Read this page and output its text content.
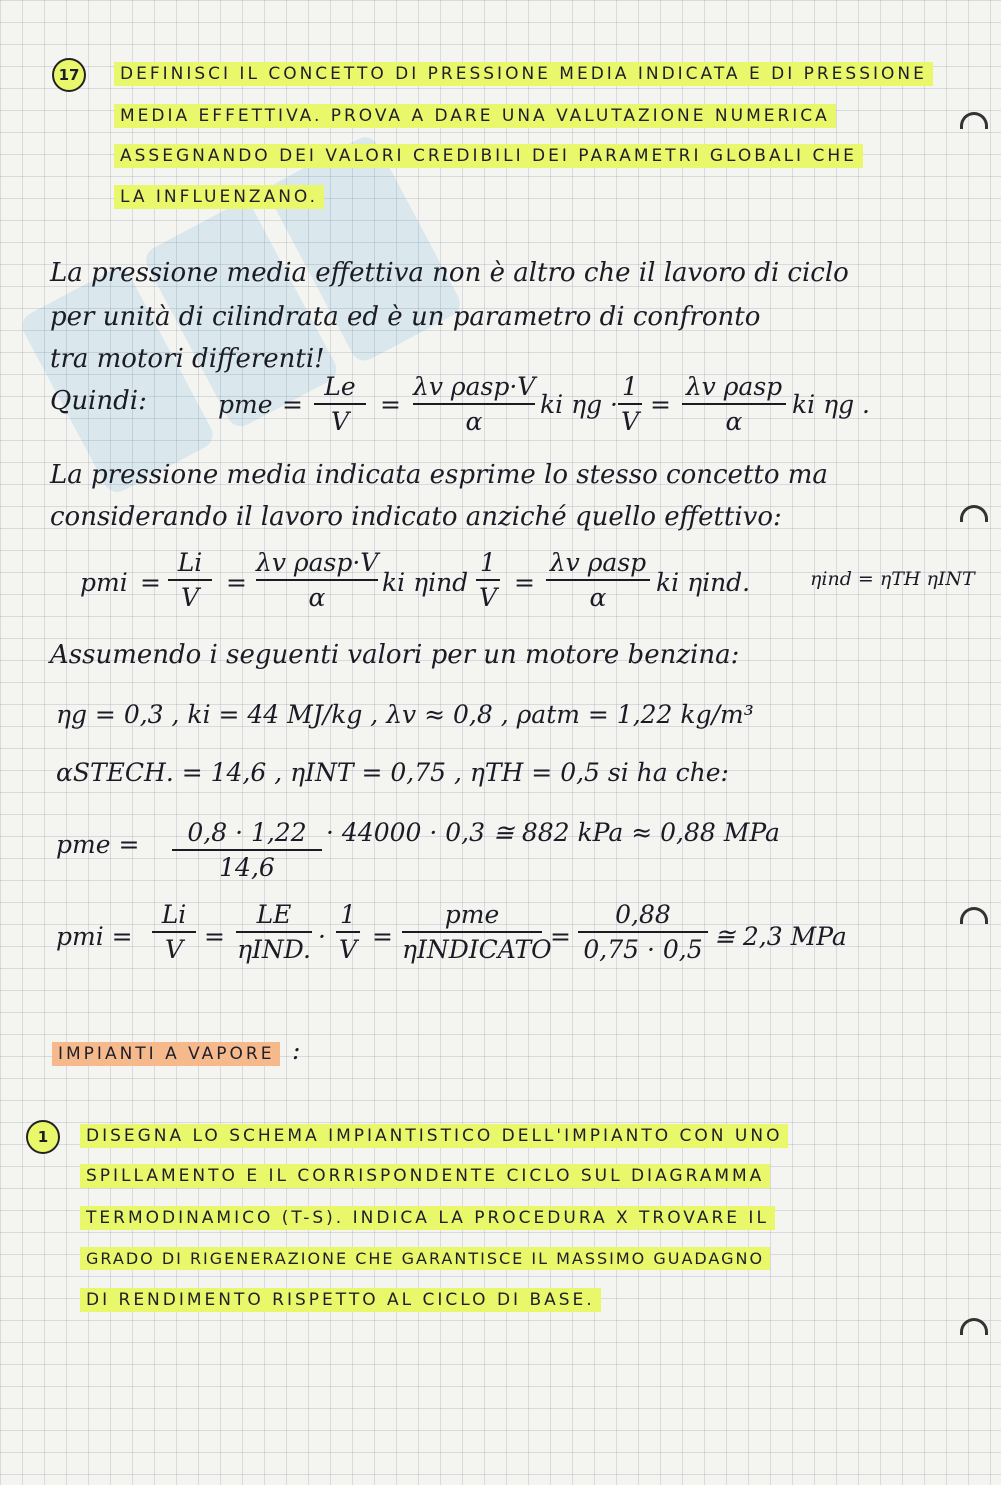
17	DEFINISCI IL CONCETTO DI PRESSIONE MEDIA INDICATA E DI PRESSIONE
MEDIA EFFETTIVA. PROVA A DARE UNA VALUTAZIONE NUMERICA
ASSEGNANDO DEI VALORI CREDIBILI DEI PARAMETRI GLOBALI CHE
LA INFLUENZANO.
La pressione media effettiva non è altro che il lavoro di ciclo
per unità di cilindrata ed è un parametro di confronto
tra motori differenti!
Quindi:	pme =
Le
V
=
λv ρasp·V
α
ki ηg ·
1
V
=
λv ρasp
α
ki ηg .
La pressione media indicata esprime lo stesso concetto ma
considerando il lavoro indicato anziché quello effettivo:
pmi =
Li
V
=
λv ρasp·V
α
ki ηind
1
V
=
λv ρasp
α
ki ηind.	ηind = ηTH ηINT
Assumendo i seguenti valori per un motore benzina:
ηg = 0,3 , ki = 44 MJ/kg , λv ≈ 0,8 , ρatm = 1,22 kg/m³
αSTECH. = 14,6 , ηINT = 0,75 , ηTH = 0,5 si ha che:
pme =	0,8 · 1,22
14,6
· 44000 · 0,3 ≅ 882 kPa ≈ 0,88 MPa
pmi =
Li
V =
LE
ηIND. ·
1
V =
pme
ηINDICATO
=
0,88
0,75 · 0,5 ≅ 2,3 MPa
IMPIANTI A VAPORE :
1	DISEGNA LO SCHEMA IMPIANTISTICO DELL'IMPIANTO CON UNO
SPILLAMENTO E IL CORRISPONDENTE CICLO SUL DIAGRAMMA
TERMODINAMICO (T-S). INDICA LA PROCEDURA X TROVARE IL
GRADO DI RIGENERAZIONE CHE GARANTISCE IL MASSIMO GUADAGNO
DI RENDIMENTO RISPETTO AL CICLO DI BASE.
